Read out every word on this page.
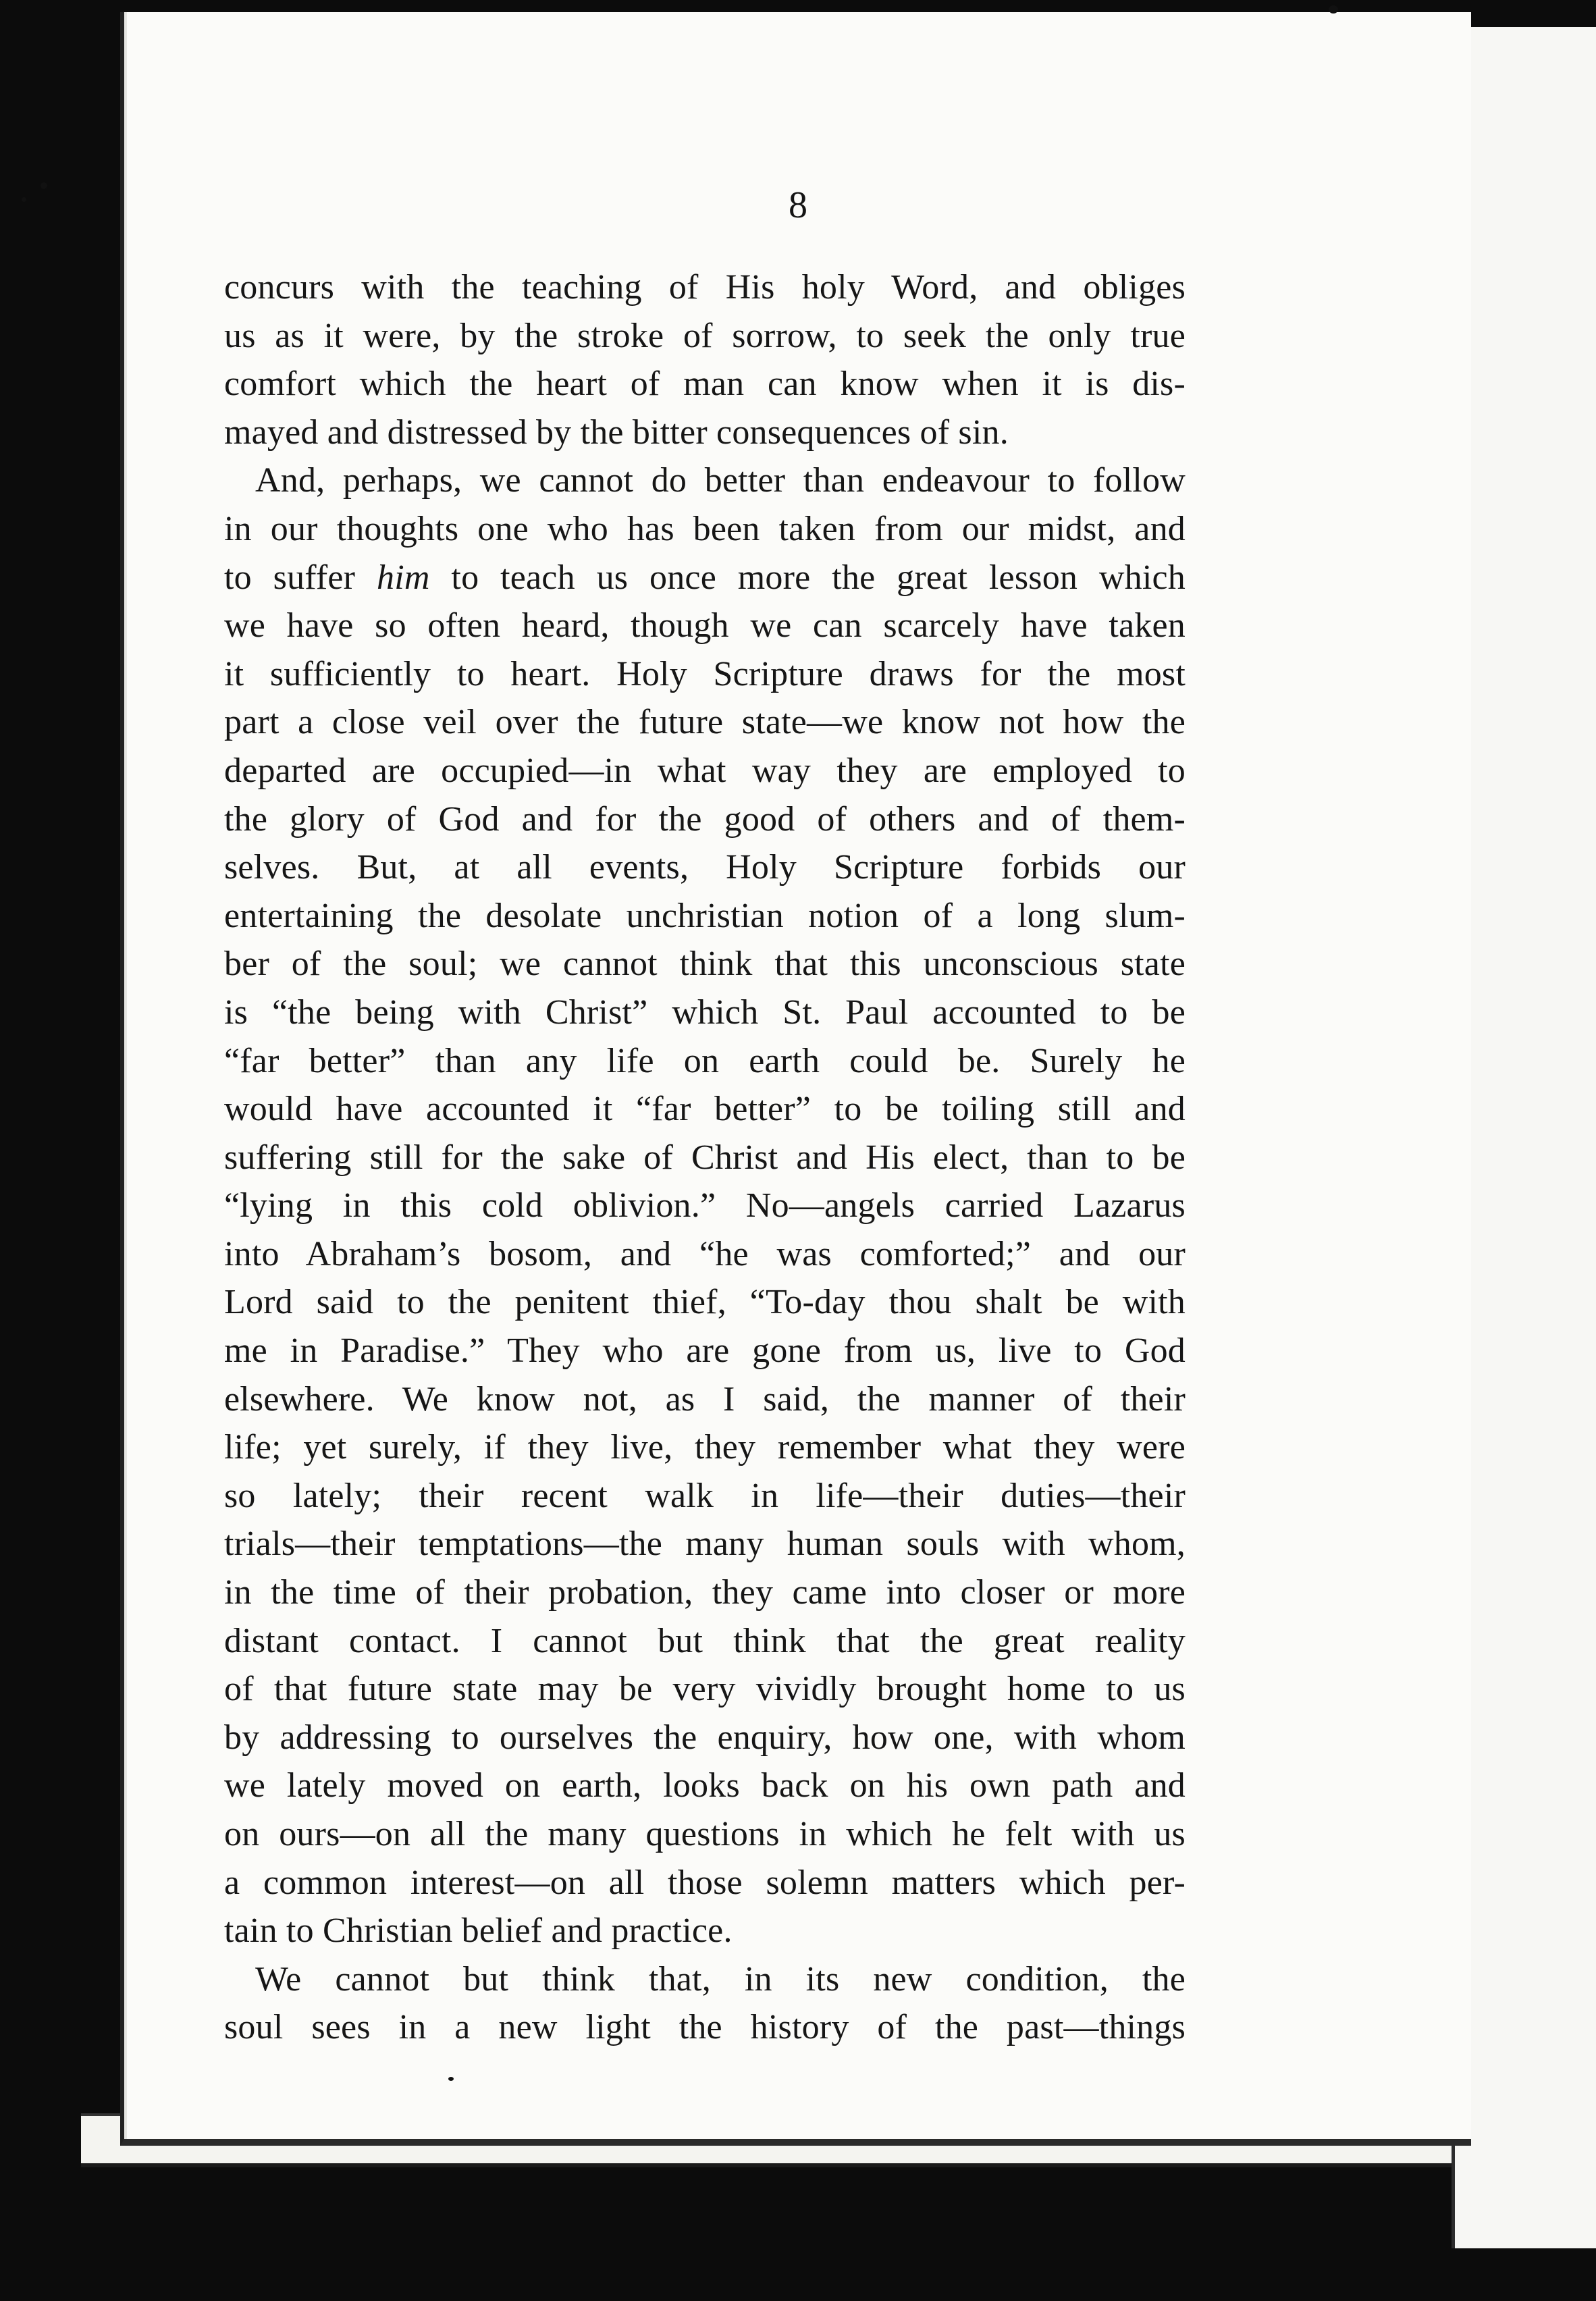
8
concurs with the teaching of His holy Word, and obliges
us as it were, by the stroke of sorrow, to seek the only true
comfort which the heart of man can know when it is dis-
mayed and distressed by the bitter consequences of sin.
And, perhaps, we cannot do better than endeavour to follow
in our thoughts one who has been taken from our midst, and
to suffer him to teach us once more the great lesson which
we have so often heard, though we can scarcely have taken
it sufficiently to heart. Holy Scripture draws for the most
part a close veil over the future state—we know not how the
departed are occupied—in what way they are employed to
the glory of God and for the good of others and of them-
selves. But, at all events, Holy Scripture forbids our
entertaining the desolate unchristian notion of a long slum-
ber of the soul; we cannot think that this unconscious state
is “the being with Christ” which St. Paul accounted to be
“far better” than any life on earth could be. Surely he
would have accounted it “far better” to be toiling still and
suffering still for the sake of Christ and His elect, than to be
“lying in this cold oblivion.” No—angels carried Lazarus
into Abraham’s bosom, and “he was comforted;” and our
Lord said to the penitent thief, “To-day thou shalt be with
me in Paradise.” They who are gone from us, live to God
elsewhere. We know not, as I said, the manner of their
life; yet surely, if they live, they remember what they were
so lately; their recent walk in life—their duties—their
trials—their temptations—the many human souls with whom,
in the time of their probation, they came into closer or more
distant contact. I cannot but think that the great reality
of that future state may be very vividly brought home to us
by addressing to ourselves the enquiry, how one, with whom
we lately moved on earth, looks back on his own path and
on ours—on all the many questions in which he felt with us
a common interest—on all those solemn matters which per-
tain to Christian belief and practice.
We cannot but think that, in its new condition, the
soul sees in a new light the history of the past—things
